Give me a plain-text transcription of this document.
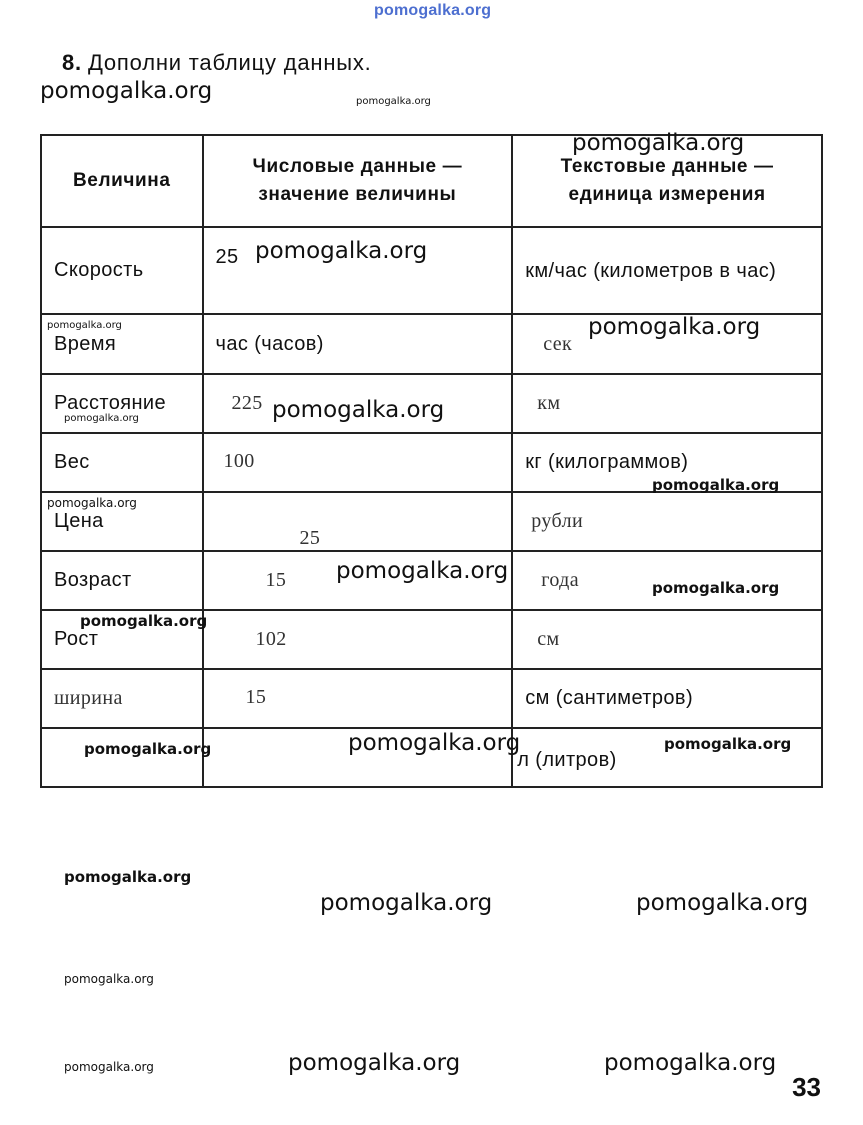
pomogalka.org
8. Дополни таблицу данных.
Величина	Числовые данные — значение величины	Текстовые данные — единица измерения
Скорость	25	км/час (километров в час)
Время	час (часов)	сек
Расстояние	225	км
Вес	100	кг (килограммов)
Цена	25	рубли
Возраст	15	года
Рост	102	см
ширина	15	см (сантиметров)
		л (литров)
pomogalka.org	pomogalka.org
pomogalka.org
pomogalka.org
pomogalka.org	pomogalka.org
pomogalka.org
pomogalka.org
pomogalka.org
pomogalka.org
pomogalka.org
pomogalka.org
pomogalka.org
pomogalka.org
pomogalka.org	pomogalka.org
pomogalka.org
pomogalka.org	pomogalka.org
pomogalka.org
pomogalka.org	pomogalka.org	pomogalka.org
33
